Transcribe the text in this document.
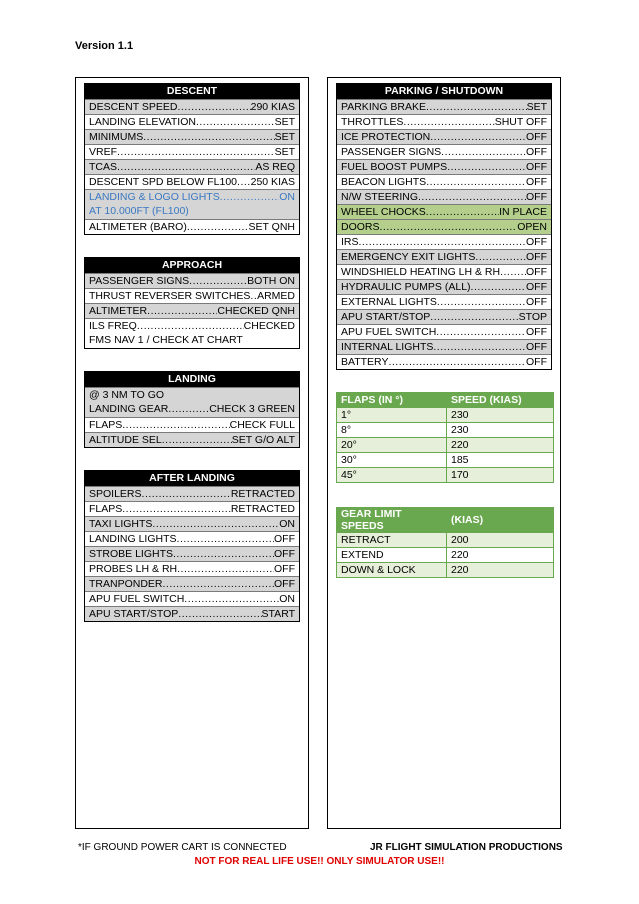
Version 1.1
DESCENT
DESCENT SPEED .....	290 KIAS
LANDING ELEVATION .....	SET
MINIMUMS .....	SET
VREF .....	SET
TCAS .....	AS REQ
DESCENT SPD BELOW FL100 ..... 250 KIAS
LANDING & LOGO LIGHTS .....	ON
AT 10.000FT (FL100)
ALTIMETER (BARO) .....	SET QNH
APPROACH
PASSENGER SIGNS .....	BOTH ON
THRUST REVERSER SWITCHES ..... ARMED
ALTIMETER .....	CHECKED QNH
ILS FREQ .....	CHECKED
FMS NAV 1 / CHECK AT CHART
LANDING
@ 3 NM TO GO
LANDING GEAR .....	CHECK 3 GREEN
FLAPS .....	CHECK FULL
ALTITUDE SEL .....	SET G/O ALT
AFTER LANDING
SPOILERS .....	RETRACTED
FLAPS .....	RETRACTED
TAXI LIGHTS .....	ON
LANDING LIGHTS .....	OFF
STROBE LIGHTS .....	OFF
PROBES LH & RH .....	OFF
TRANPONDER .....	OFF
APU FUEL SWITCH .....	ON
APU START/STOP .....	START
PARKING / SHUTDOWN
PARKING BRAKE .....	SET
THROTTLES .....	SHUT OFF
ICE PROTECTION .....	OFF
PASSENGER SIGNS .....	OFF
FUEL BOOST PUMPS .....	OFF
BEACON LIGHTS .....	OFF
N/W STEERING .....	OFF
WHEEL CHOCKS .....	IN PLACE
DOORS .....	OPEN
IRS .....	OFF
EMERGENCY EXIT LIGHTS .....	OFF
WINDSHIELD HEATING LH & RH ..... OFF
HYDRAULIC PUMPS (ALL) .....	OFF
EXTERNAL LIGHTS .....	OFF
APU START/STOP .....	STOP
APU FUEL SWITCH .....	OFF
INTERNAL LIGHTS .....	OFF
BATTERY .....	OFF
FLAPS (IN °)	SPEED (KIAS)
1°	230
8°	230
20°	220
30°	185
45°	170
GEAR LIMIT SPEEDS	(KIAS)
RETRACT	200
EXTEND	220
DOWN & LOCK	220
*IF GROUND POWER CART IS CONNECTED	JR FLIGHT SIMULATION PRODUCTIONS
NOT FOR REAL LIFE USE!! ONLY SIMULATOR USE!!
